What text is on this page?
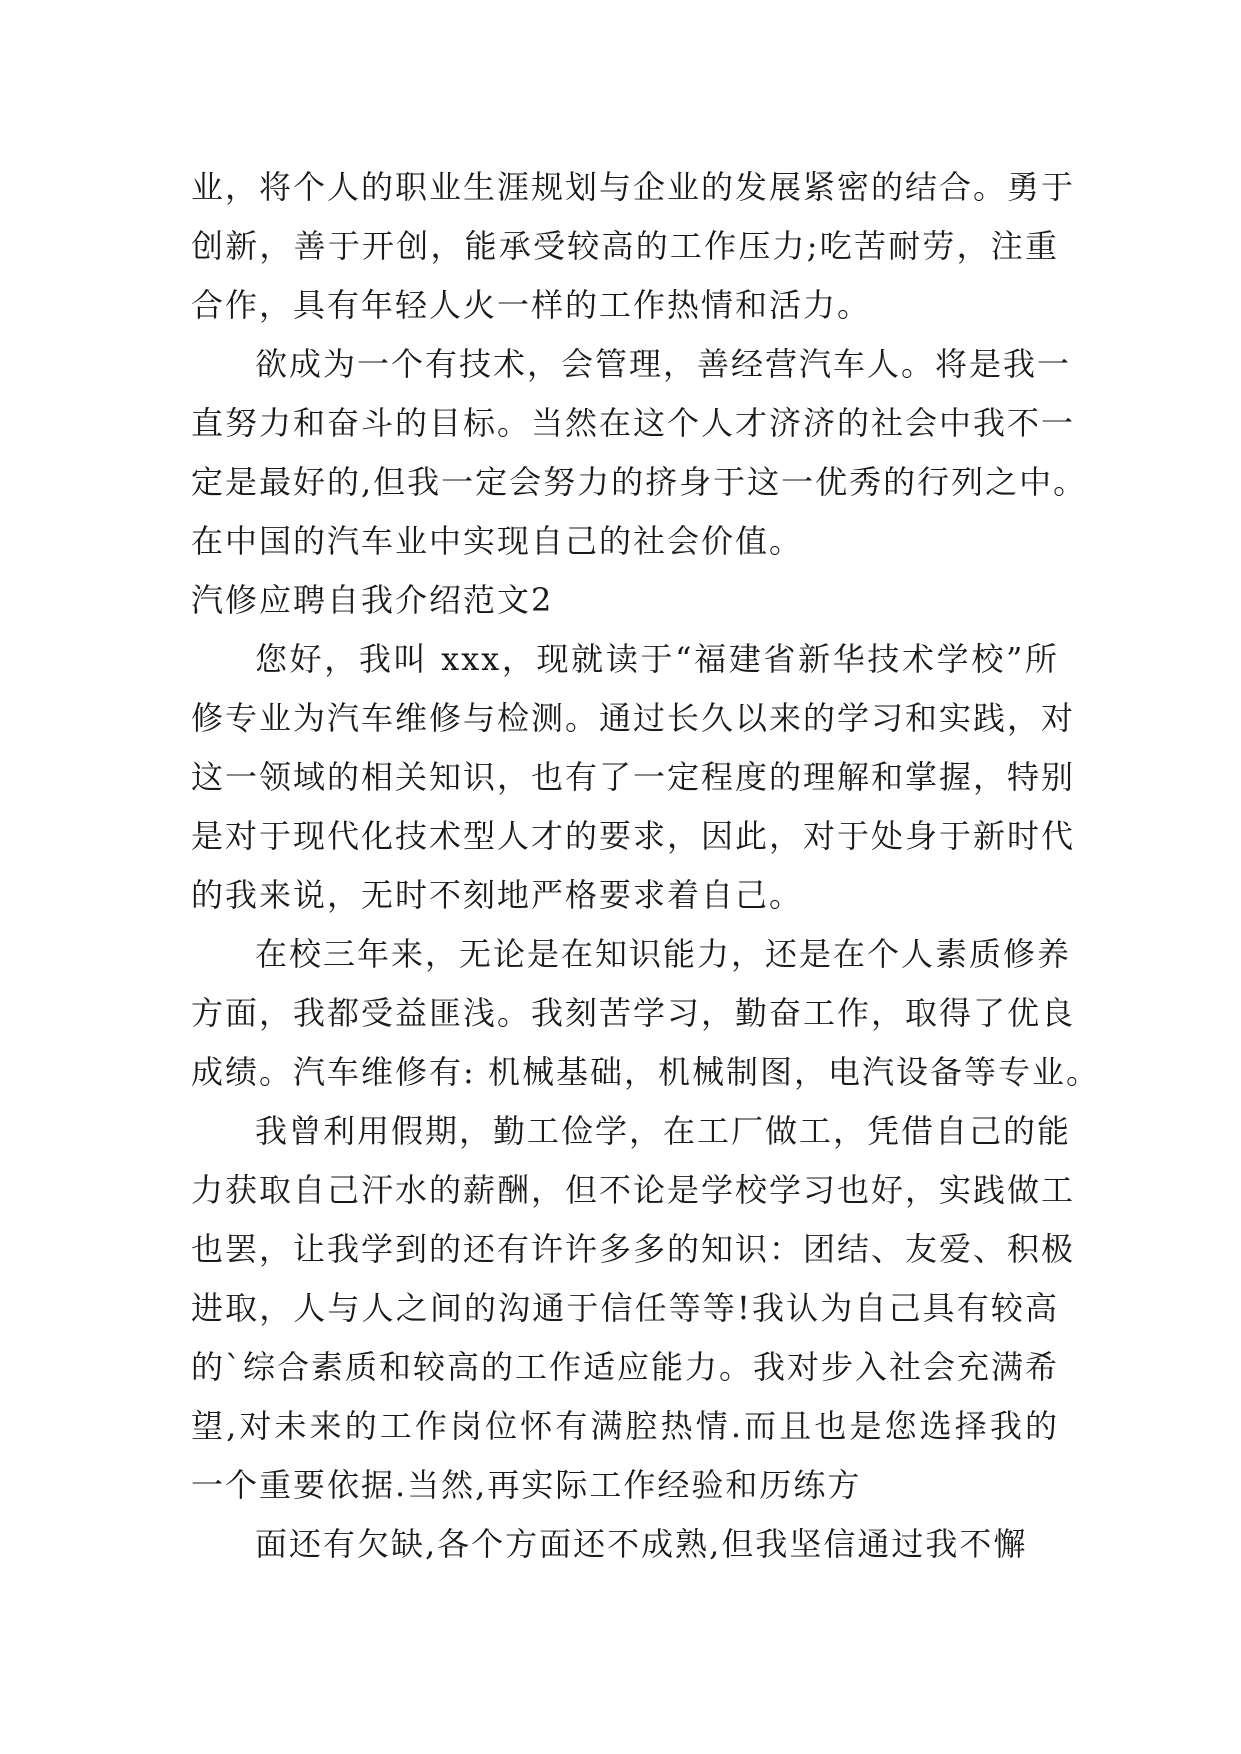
业，将个人的职业生涯规划与企业的发展紧密的结合。勇于
创新，善于开创，能承受较高的工作压力;吃苦耐劳，注重
合作，具有年轻人火一样的工作热情和活力。
欲成为一个有技术，会管理，善经营汽车人。将是我一
直努力和奋斗的目标。当然在这个人才济济的社会中我不一
定是最好的,但我一定会努力的挤身于这一优秀的行列之中。
在中国的汽车业中实现自己的社会价值。
汽修应聘自我介绍范文2
您好，我叫 xxx，现就读于“福建省新华技术学校”所
修专业为汽车维修与检测。通过长久以来的学习和实践，对
这一领域的相关知识，也有了一定程度的理解和掌握，特别
是对于现代化技术型人才的要求，因此，对于处身于新时代
的我来说，无时不刻地严格要求着自己。
在校三年来，无论是在知识能力，还是在个人素质修养
方面，我都受益匪浅。我刻苦学习，勤奋工作，取得了优良
成绩。汽车维修有: 机械基础，机械制图，电汽设备等专业。
我曾利用假期，勤工俭学，在工厂做工，凭借自己的能
力获取自己汗水的薪酬，但不论是学校学习也好，实践做工
也罢，让我学到的还有许许多多的知识：团结、友爱、积极
进取，人与人之间的沟通于信任等等!我认为自己具有较高
的`综合素质和较高的工作适应能力。我对步入社会充满希
望,对未来的工作岗位怀有满腔热情.而且也是您选择我的
一个重要依据.当然,再实际工作经验和历练方
面还有欠缺,各个方面还不成熟,但我坚信通过我不懈
